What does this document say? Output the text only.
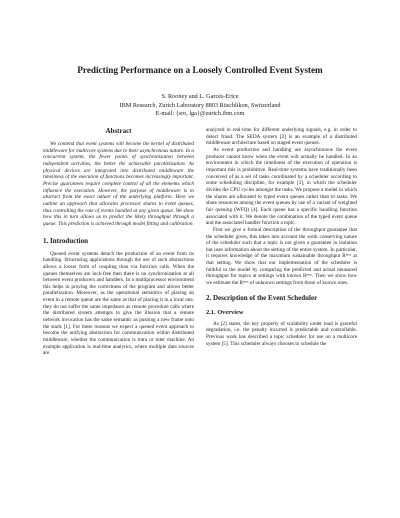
Predicting Performance on a Loosely Controlled Event System
S. Rooney and L. Garcés-Erice
IBM Research, Zurich Laboratory 8803 Rüschlikon, Switzerland
E-mail: {sro, lga}@zurich.ibm.com
Abstract

We contend that event systems will become the kernel of distributed middleware for multicore systems due to their asynchronous nature. In a concurrent system, the fewer points of synchronization between independent activities, the better the achievable parallelization. As physical devices are integrated into distributed middleware the timeliness of the execution of functions becomes increasingly important. Precise guarantees require complete control of all the elements which influence the execution. However, the purpose of middleware is to abstract from the exact nature of the underlying platform. Here we outline an approach that allocates processor shares to event queues, thus controlling the rate of events handled at any given queue. We show how this in turn allows us to predict the likely throughput through a queue. This prediction is achieved through model fitting and calibration.

1. Introduction

Queued event systems detach the production of an event from its handling. Structuring applications through the use of such abstractions allows a looser form of coupling than via function calls. When the queues themselves are lock-free then there is no synchronization at all between event producers and handlers. In a multiprocessor environment this helps in proving the correctness of the program and allows better parallelization. Moreover, as the operational semantics of placing an event in a remote queue are the same as that of placing it in a local one, they do not suffer the same impedance as remote procedure calls where the distributed system attempts to give the illusion that a remote network invocation has the same semantic as pushing a new frame onto the stack [1]. For these reasons we expect a queued event approach to become the unifying abstraction for communication within distributed middleware, whether the communication is intra or inter machine. An example application is real-time analytics, where multiple data sources are

analyzed in real-time for different underlying signals, e.g. in order to detect fraud. The SEDA system [2] is an example of a distributed middleware architecture based on staged event queues.

As event production and handling are asynchronous the event producer cannot know when the event will actually be handled. In an environment in which the timeliness of the execution of operation is important this is prohibitive. Real-time systems have traditionally been conceived of as a set of tasks coordinated by a scheduler according to some scheduling discipline, for example [3], in which the scheduler divides the CPU cycles amongst the tasks. We propose a model in which the shares are allocated to typed event queues rather than to tasks. We share resources among the event queues by use of a variant of weighted fair queuing (WFQ) [4]. Each queue has a specific handling function associated with it. We denote the combination of the typed event queue and the associated handler function a topic.

First we give a formal description of the throughput guarantee that the scheduler gives, this takes into account the work conserving nature of the scheduler such that a topic is not given a guarantee in isolation but uses information about the setting of the entire system. In particular, it requires knowledge of the maximum sustainable throughput Rᵐᵃˣ at that setting. We show that our implementation of the scheduler is faithful to the model by comparing the predicted and actual measured throughput for topics at settings with known Rᵐᵃˣ. Then we show how we estimate the Rᵐᵃˣ of unknown settings from those of known ones.

2. Description of the Event Scheduler
2.1. Overview

As [2] states, the key property of scalability under load is graceful degradation, i.e. the penalty incurred is predictable and controllable. Previous work has described a topic scheduler for use on a multicore system [5]. This scheduler always chooses to schedule the
